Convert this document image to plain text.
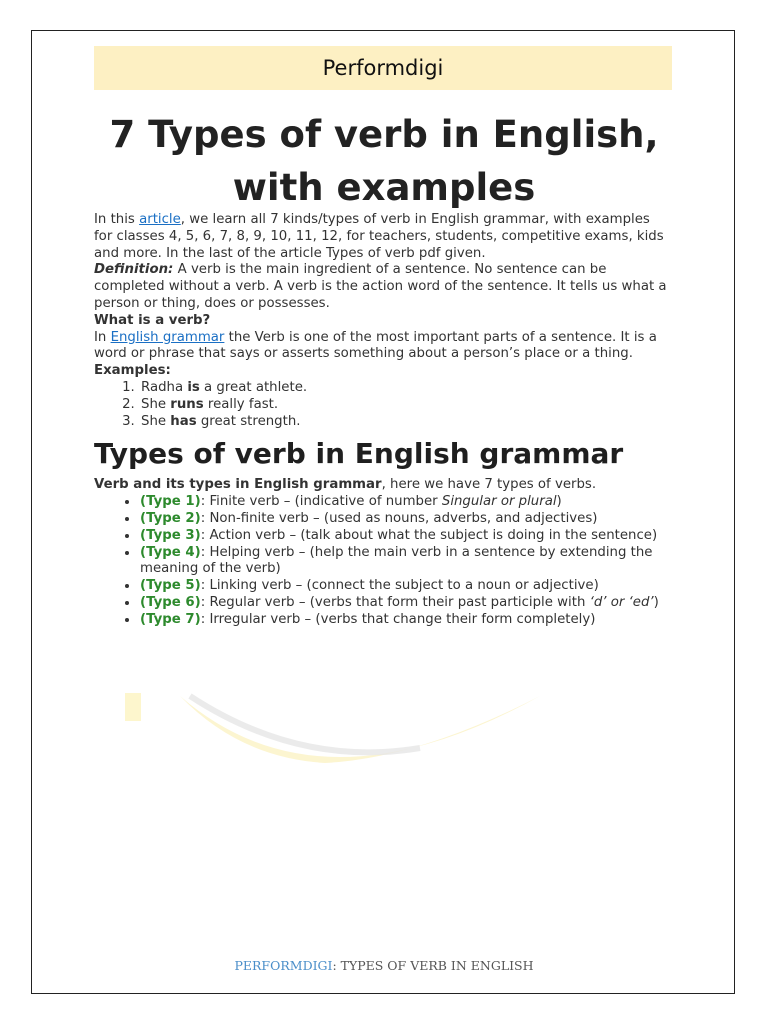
Performdigi
7 Types of verb in English, with examples

In this article, we learn all 7 kinds/types of verb in English grammar, with examples for classes 4, 5, 6, 7, 8, 9, 10, 11, 12, for teachers, students, competitive exams, kids and more. In the last of the article Types of verb pdf given.

Definition: A verb is the main ingredient of a sentence. No sentence can be completed without a verb. A verb is the action word of the sentence. It tells us what a person or thing, does or possesses.

What is a verb?

In English grammar the Verb is one of the most important parts of a sentence. It is a word or phrase that says or asserts something about a person’s place or a thing.

Examples:

1. Radha is a great athlete.
2. She runs really fast.
3. She has great strength.
Types of verb in English grammar

Verb and its types in English grammar, here we have 7 types of verbs.

• (Type 1): Finite verb – (indicative of number Singular or plural)
• (Type 2): Non-finite verb – (used as nouns, adverbs, and adjectives)
• (Type 3): Action verb – (talk about what the subject is doing in the sentence)
• (Type 4): Helping verb – (help the main verb in a sentence by extending the meaning of the verb)
• (Type 5): Linking verb – (connect the subject to a noun or adjective)
• (Type 6): Regular verb – (verbs that form their past participle with ‘d’ or ‘ed’)
• (Type 7): Irregular verb – (verbs that change their form completely)
PERFORMDIGI: TYPES OF VERB IN ENGLISH
